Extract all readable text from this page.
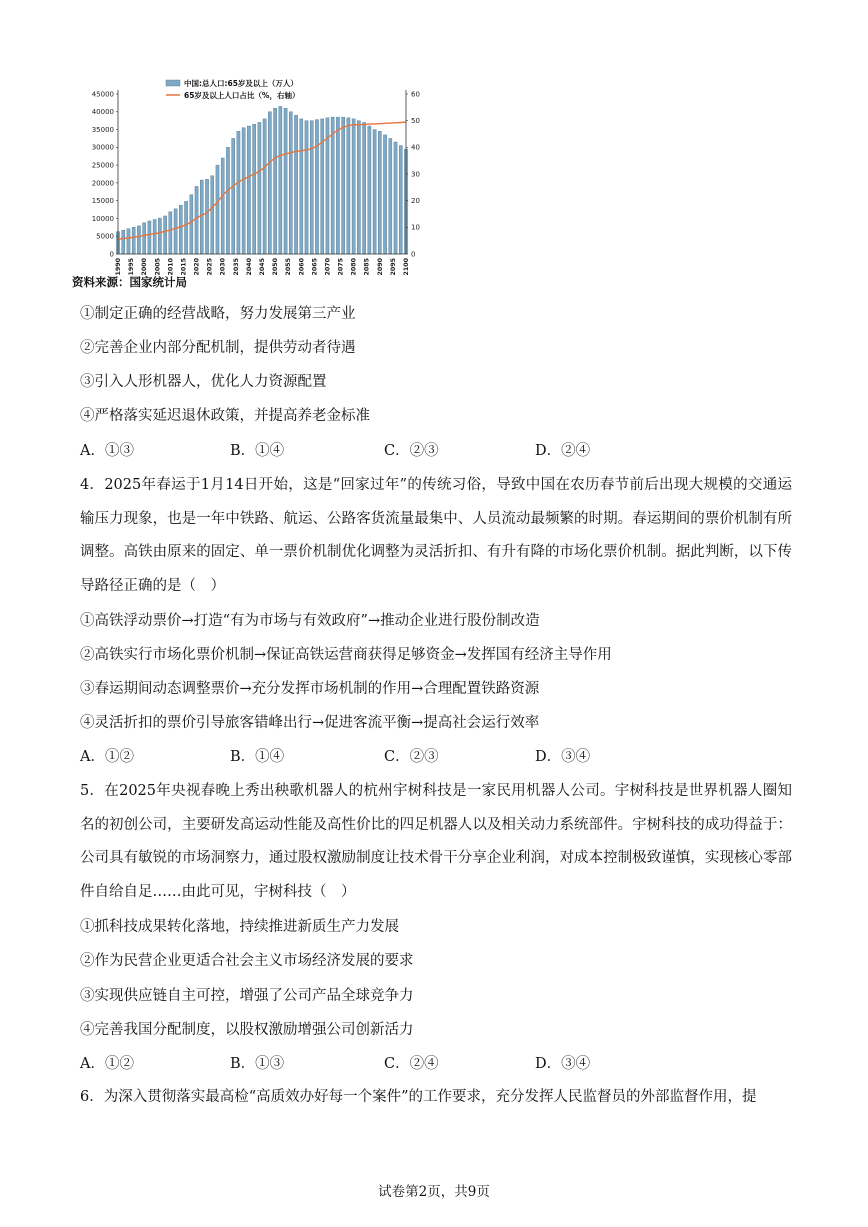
0
5000
10000
15000
20000
25000
30000
35000
40000
45000
0
10
20
30
40
50
60
1990 1995 2000 2005 2010 2015 2020 2025 2030 2035 2040 2045 2050 2055 2060 2065 2070 2075 2080 2085 2090 2095 2100
中国:总人口:65岁及以上（万人）
65岁及以上人口占比（%，右轴）
资料来源：国家统计局
①制定正确的经营战略，努力发展第三产业
②完善企业内部分配机制，提供劳动者待遇
③引入人形机器人，优化人力资源配置
④严格落实延迟退休政策，并提高养老金标准
A．①③	B．①④	C．②③	D．②④
4．2025年春运于1月14日开始，这是“回家过年”的传统习俗，导致中国在农历春节前后出现大规模的交通运输压力现象，也是一年中铁路、航运、公路客货流量最集中、人员流动最频繁的时期。春运期间的票价机制有所调整。高铁由原来的固定、单一票价机制优化调整为灵活折扣、有升有降的市场化票价机制。据此判断，以下传导路径正确的是（　）
①高铁浮动票价→打造“有为市场与有效政府”→推动企业进行股份制改造
②高铁实行市场化票价机制→保证高铁运营商获得足够资金→发挥国有经济主导作用
③春运期间动态调整票价→充分发挥市场机制的作用→合理配置铁路资源
④灵活折扣的票价引导旅客错峰出行→促进客流平衡→提高社会运行效率
A．①②	B．①④	C．②③	D．③④
5．在2025年央视春晚上秀出秧歌机器人的杭州宇树科技是一家民用机器人公司。宇树科技是世界机器人圈知名的初创公司，主要研发高运动性能及高性价比的四足机器人以及相关动力系统部件。宇树科技的成功得益于：公司具有敏锐的市场洞察力，通过股权激励制度让技术骨干分享企业利润，对成本控制极致谨慎，实现核心零部件自给自足……由此可见，宇树科技（　）
①抓科技成果转化落地，持续推进新质生产力发展
②作为民营企业更适合社会主义市场经济发展的要求
③实现供应链自主可控，增强了公司产品全球竞争力
④完善我国分配制度，以股权激励增强公司创新活力
A．①②	B．①③	C．②④	D．③④
6．为深入贯彻落实最高检“高质效办好每一个案件”的工作要求，充分发挥人民监督员的外部监督作用，提
试卷第2页，共9页
